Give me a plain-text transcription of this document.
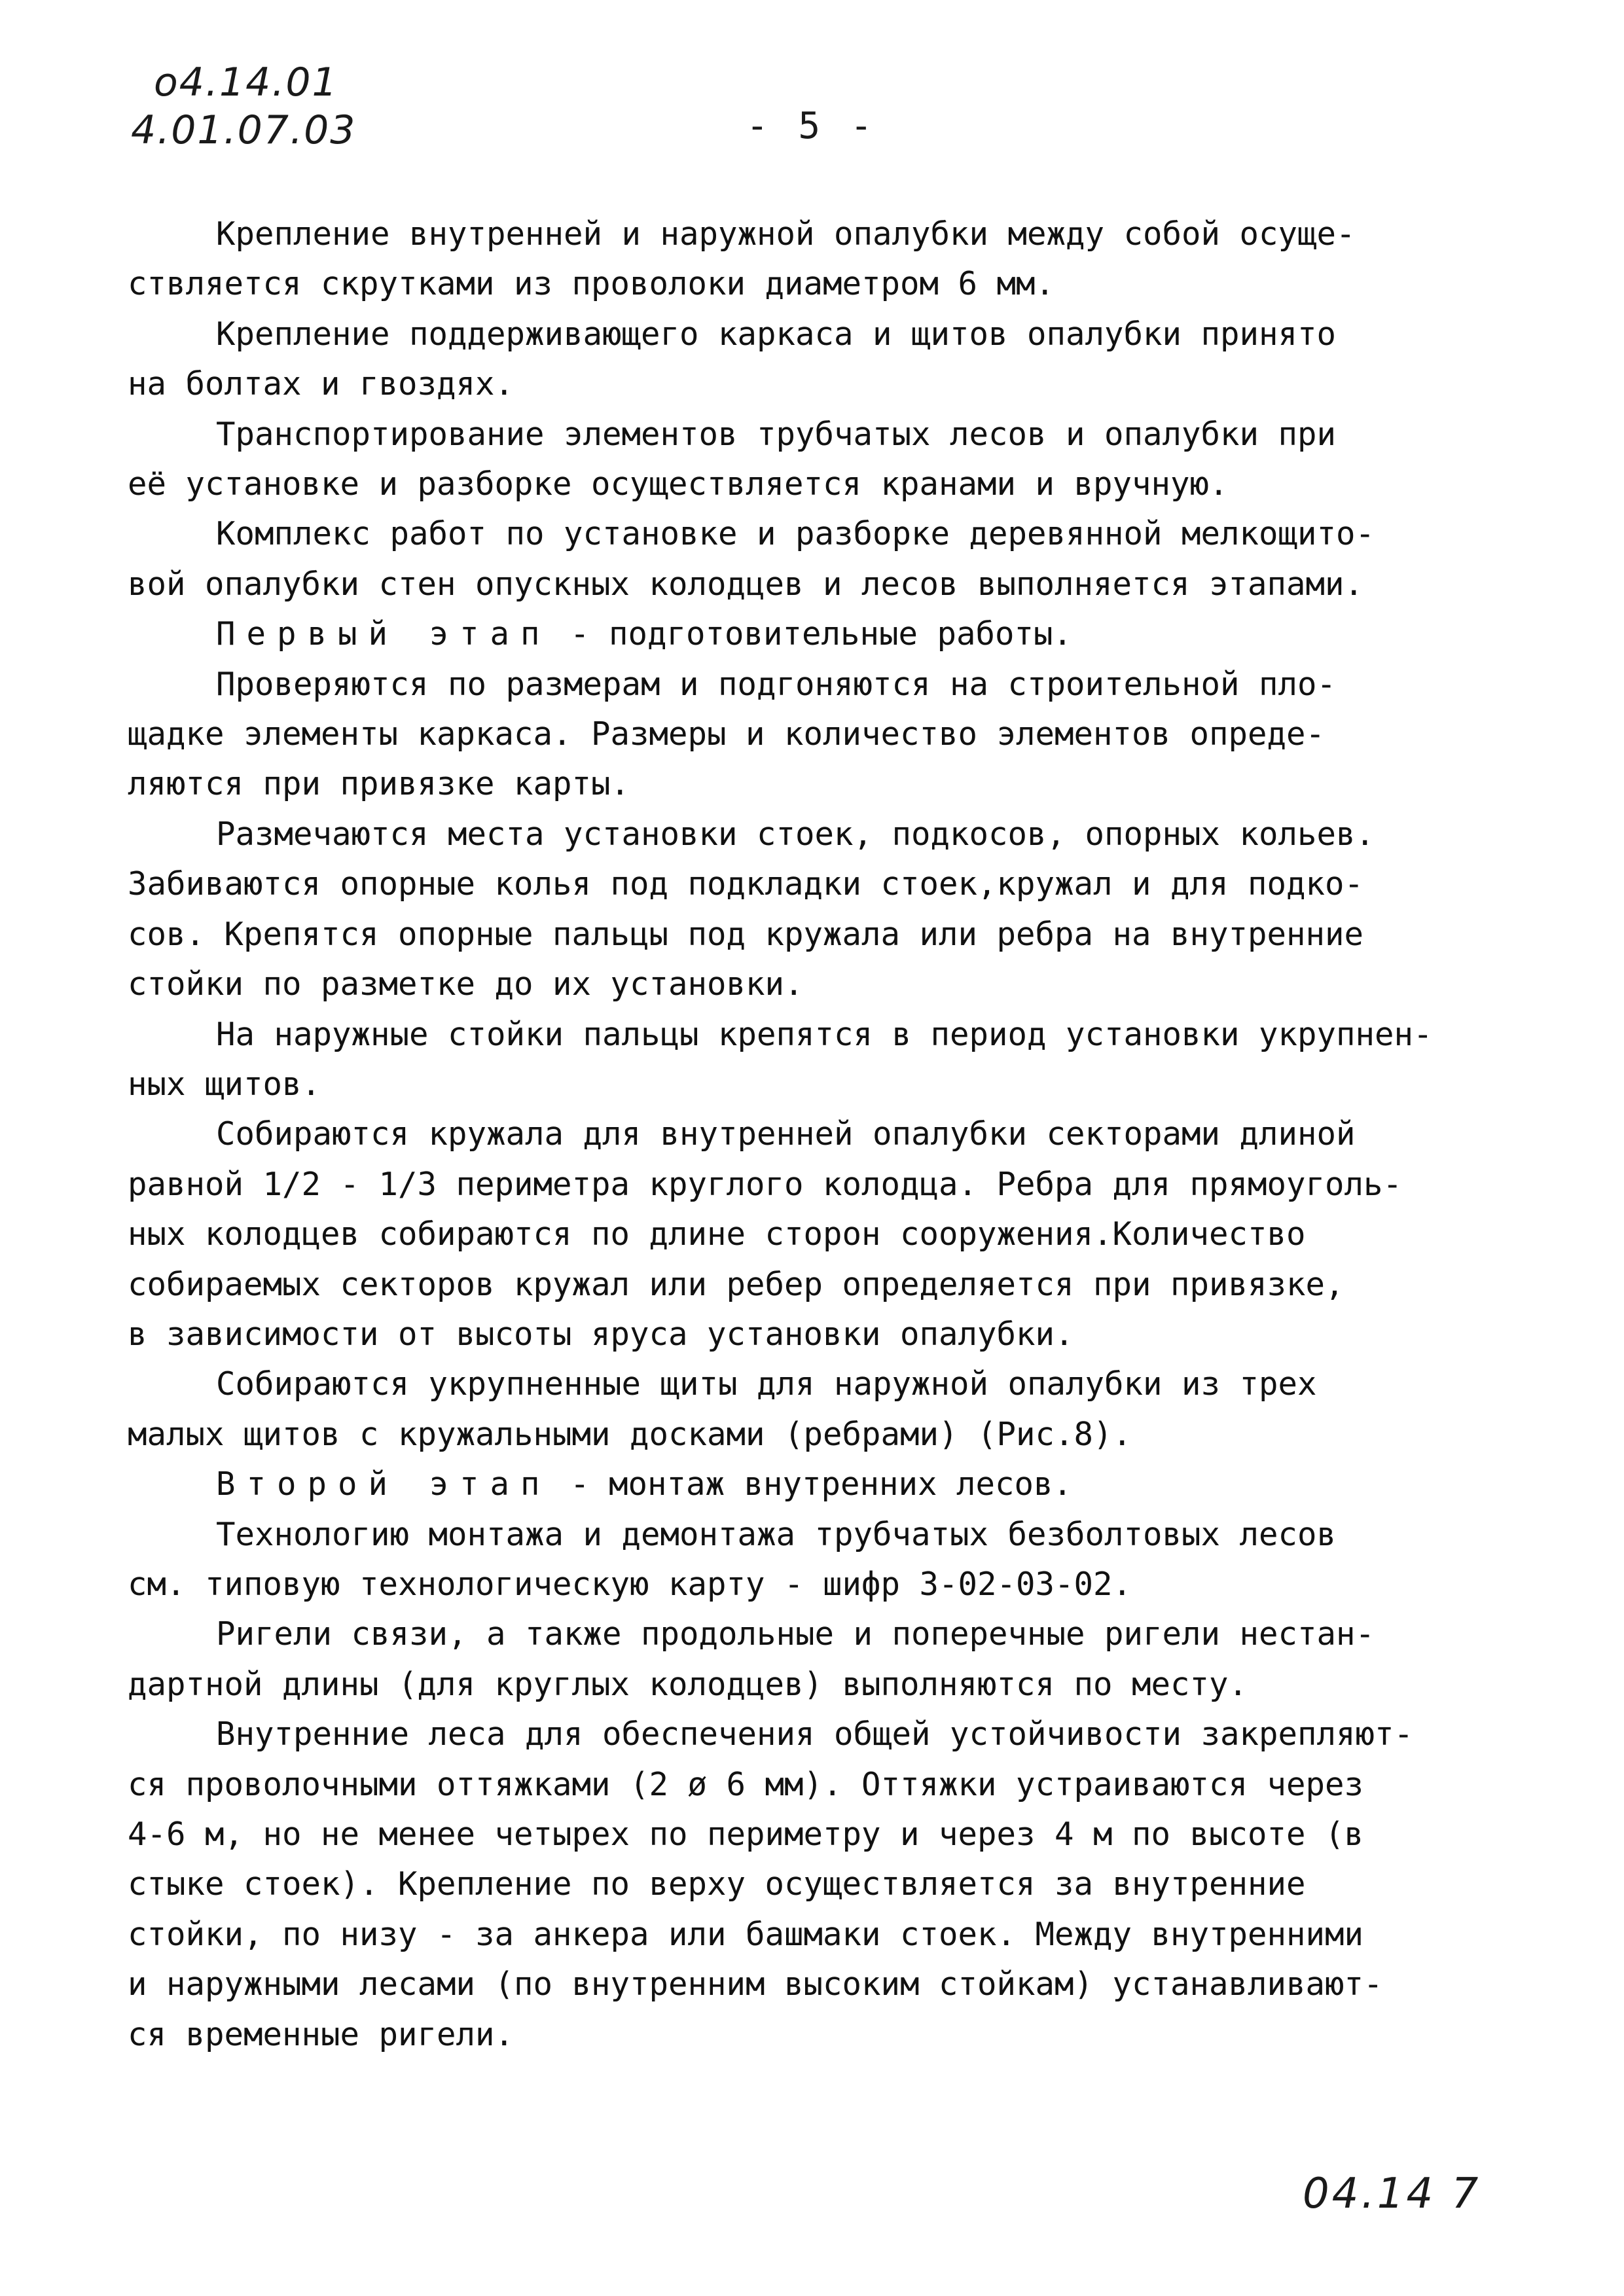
о4.14.01
4.01.07.03	- 5 -
Крепление внутренней и наружной опалубки между собой осуще-
ствляется скрутками из проволоки диаметром 6 мм.
Крепление поддерживающего каркаса и щитов опалубки принято
на болтах и гвоздях.
Транспортирование элементов трубчатых лесов и опалубки при
её установке и разборке осуществляется кранами и вручную.
Комплекс работ по установке и разборке деревянной мелкощито-
вой опалубки стен опускных колодцев и лесов выполняется этапами.
Первый этап - подготовительные работы.
Проверяются по размерам и подгоняются на строительной пло-
щадке элементы каркаса. Размеры и количество элементов опреде-
ляются при привязке карты.
Размечаются места установки стоек, подкосов, опорных кольев.
Забиваются опорные колья под подкладки стоек,кружал и для подко-
сов. Крепятся опорные пальцы под кружала или ребра на внутренние
стойки по разметке до их установки.
На наружные стойки пальцы крепятся в период установки укрупнен-
ных щитов.
Собираются кружала для внутренней опалубки секторами длиной
равной 1/2 - 1/3 периметра круглого колодца. Ребра для прямоуголь-
ных колодцев собираются по длине сторон сооружения.Количество
собираемых секторов кружал или ребер определяется при привязке,
в зависимости от высоты яруса установки опалубки.
Собираются укрупненные щиты для наружной опалубки из трех
малых щитов с кружальными досками (ребрами) (Рис.8).
Второй этап - монтаж внутренних лесов.
Технологию монтажа и демонтажа трубчатых безболтовых лесов
см. типовую технологическую карту - шифр 3-02-03-02.
Ригели связи, а также продольные и поперечные ригели нестан-
дартной длины (для круглых колодцев) выполняются по месту.
Внутренние леса для обеспечения общей устойчивости закрепляют-
ся проволочными оттяжками (2 ø 6 мм). Оттяжки устраиваются через
4-6 м, но не менее четырех по периметру и через 4 м по высоте (в
стыке стоек). Крепление по верху осуществляется за внутренние
стойки, по низу - за анкера или башмаки стоек. Между внутренними
и наружными лесами (по внутренним высоким стойкам) устанавливают-
ся временные ригели.
04.14 7
